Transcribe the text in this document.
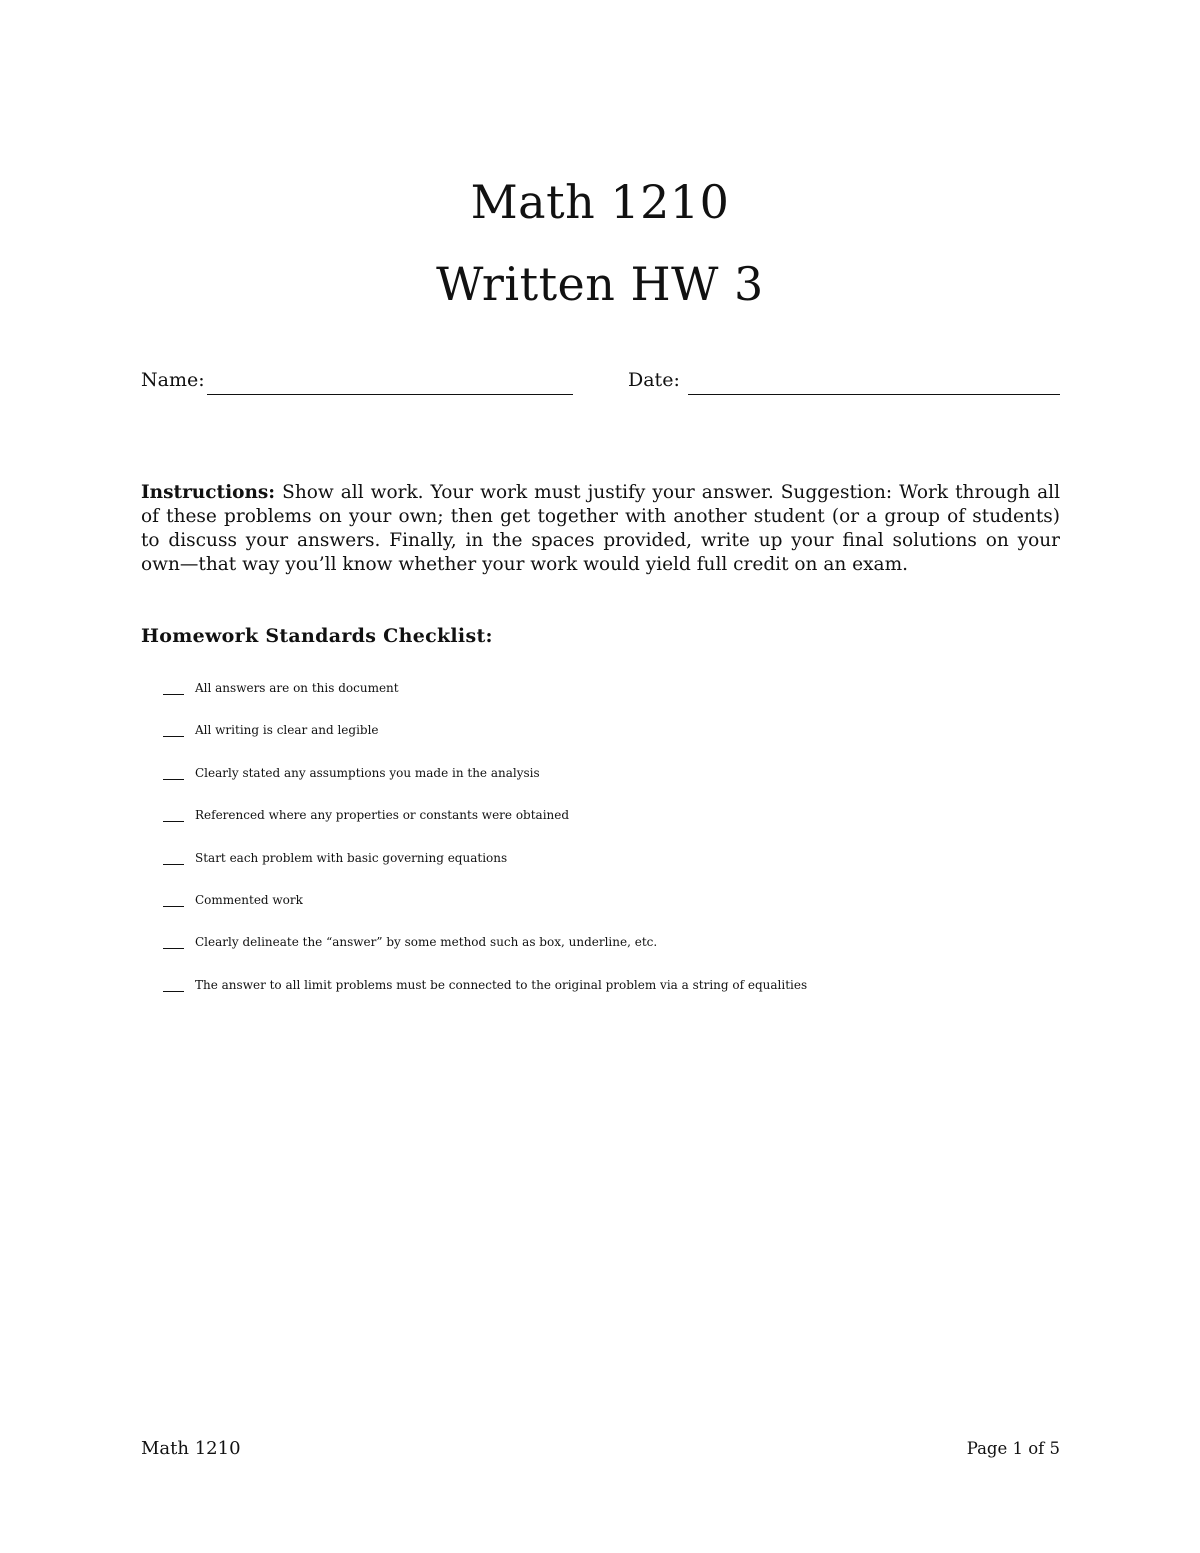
Math 1210
Written HW 3
Name:	Date:

Instructions: Show all work. Your work must justify your answer. Suggestion: Work through all of these problems on your own; then get together with another student (or a group of students) to discuss your answers. Finally, in the spaces provided, write up your final solutions on your own—that way you’ll know whether your work would yield full credit on an exam.

Homework Standards Checklist:
All answers are on this document
All writing is clear and legible
Clearly stated any assumptions you made in the analysis
Referenced where any properties or constants were obtained
Start each problem with basic governing equations
Commented work
Clearly delineate the “answer” by some method such as box, underline, etc.
The answer to all limit problems must be connected to the original problem via a string of equalities
Math 1210	Page 1 of 5
